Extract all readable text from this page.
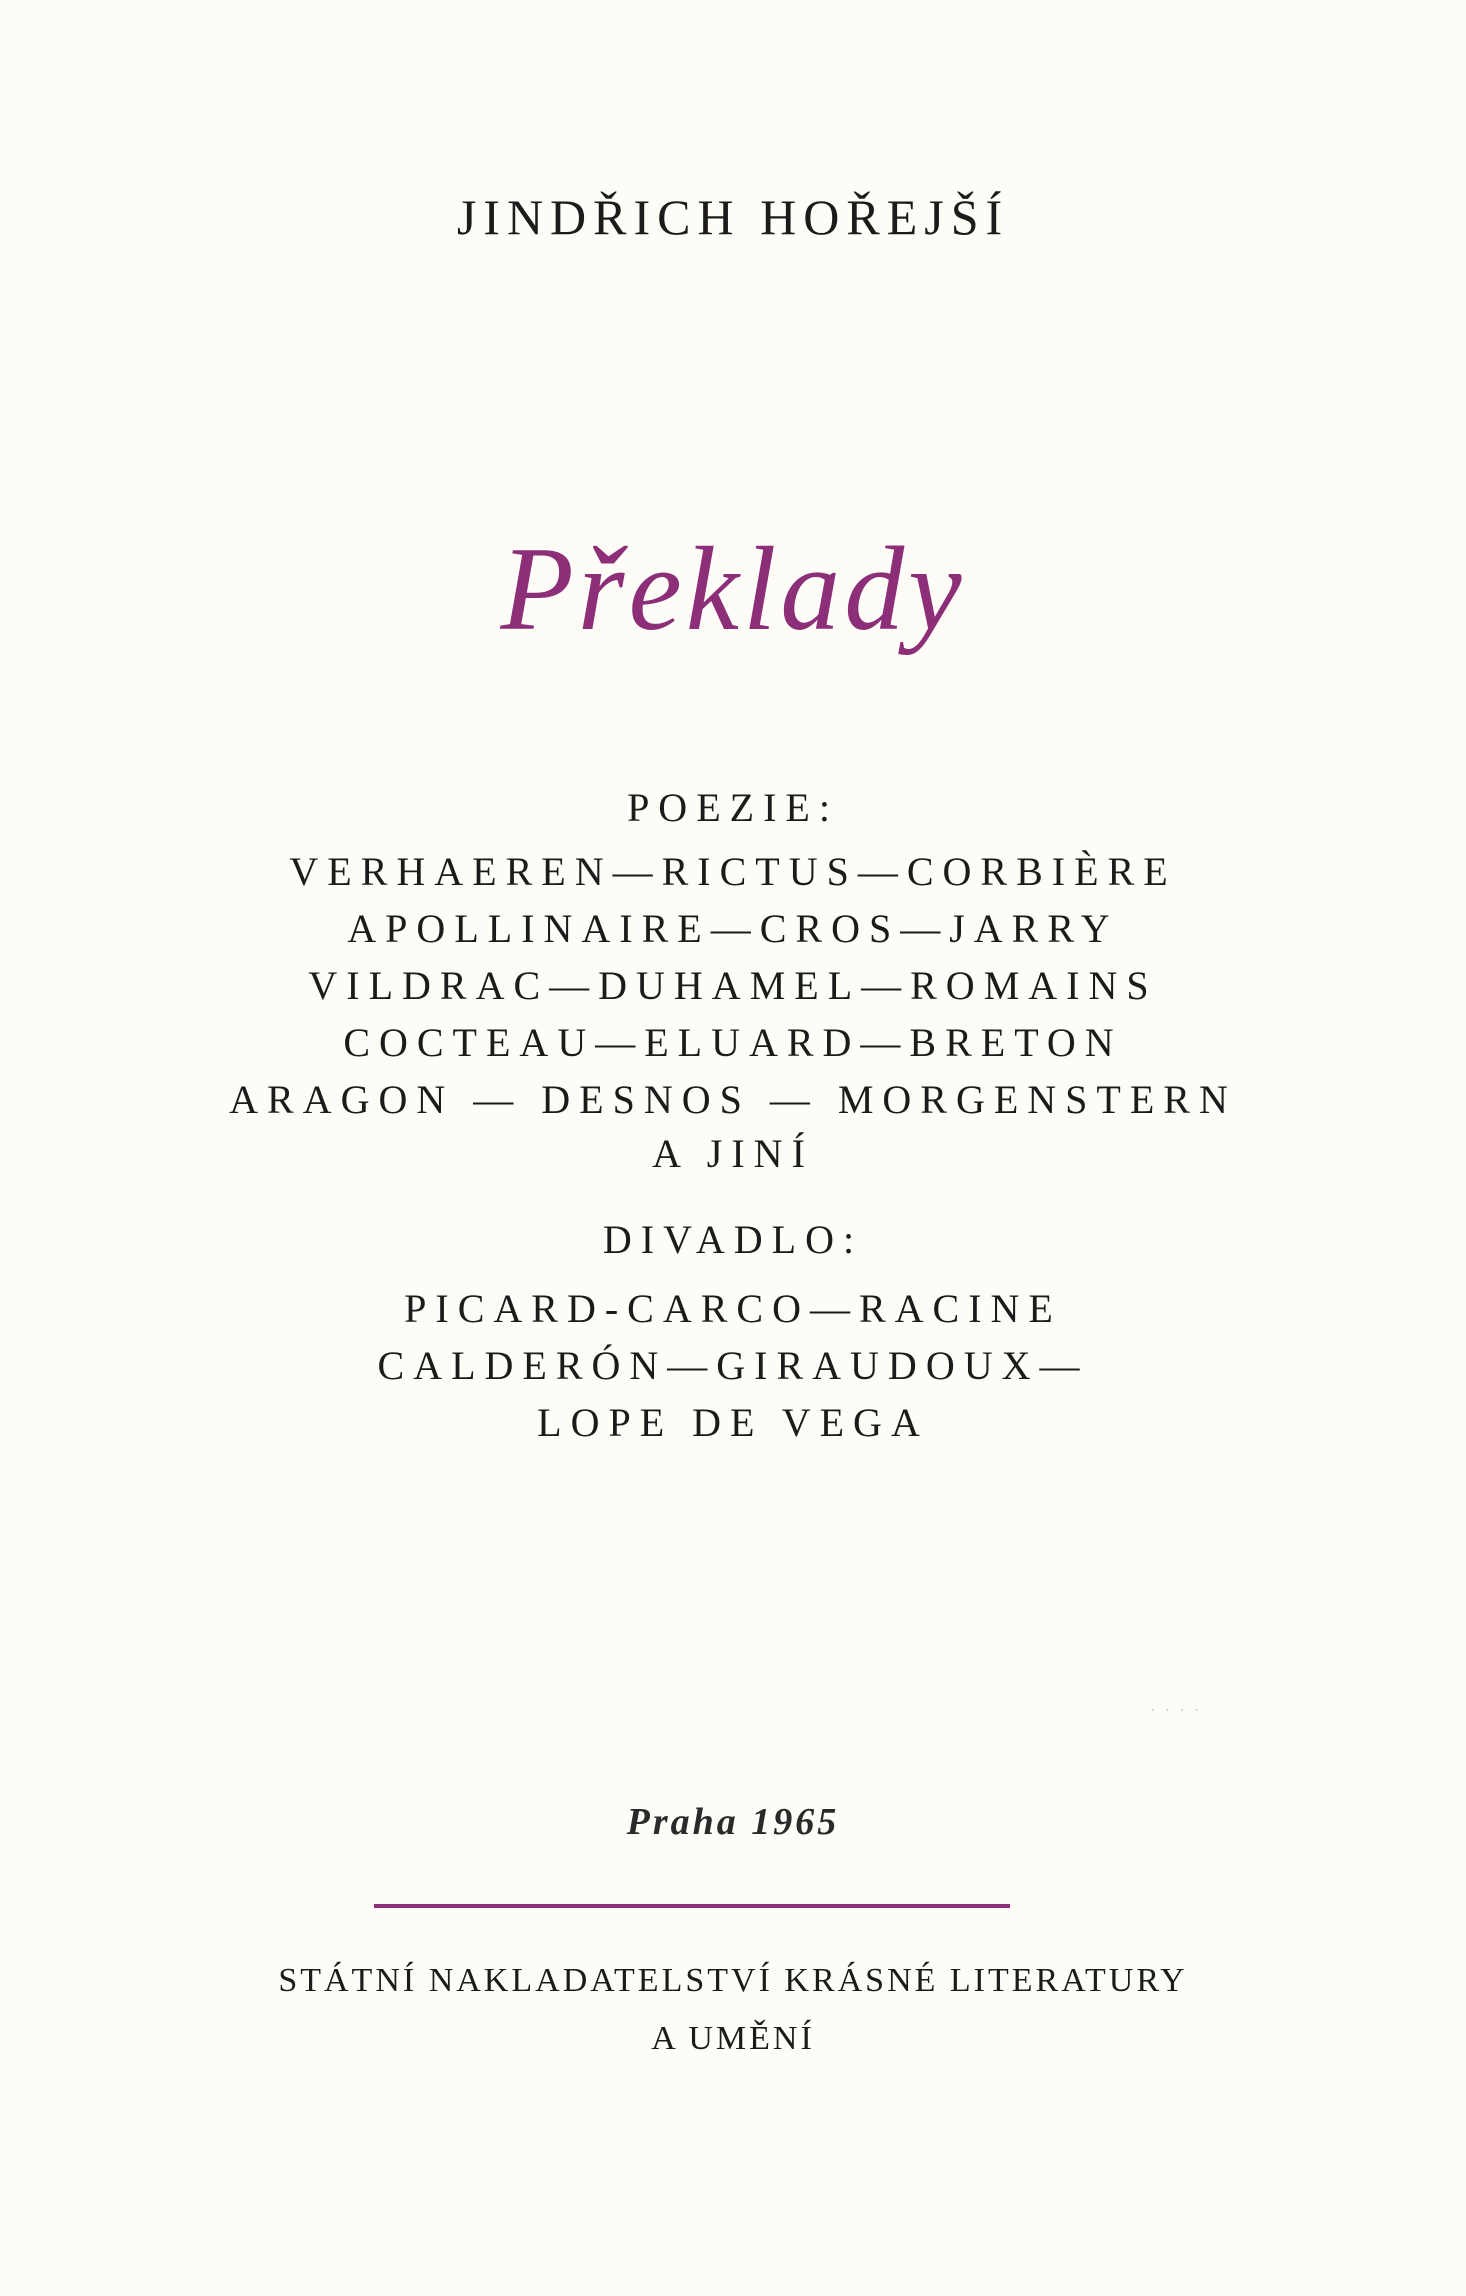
JINDŘICH HOŘEJŠÍ
Překlady
POEZIE:
VERHAEREN—RICTUS—CORBIÈRE
APOLLINAIRE—CROS—JARRY
VILDRAC—DUHAMEL—ROMAINS
COCTEAU—ELUARD—BRETON
ARAGON — DESNOS — MORGENSTERN
A JINÍ
DIVADLO:
PICARD-CARCO—RACINE
CALDERÓN—GIRAUDOUX—
LOPE DE VEGA
· · · ·
Praha 1965
STÁTNÍ NAKLADATELSTVÍ KRÁSNÉ LITERATURY
A UMĚNÍ
